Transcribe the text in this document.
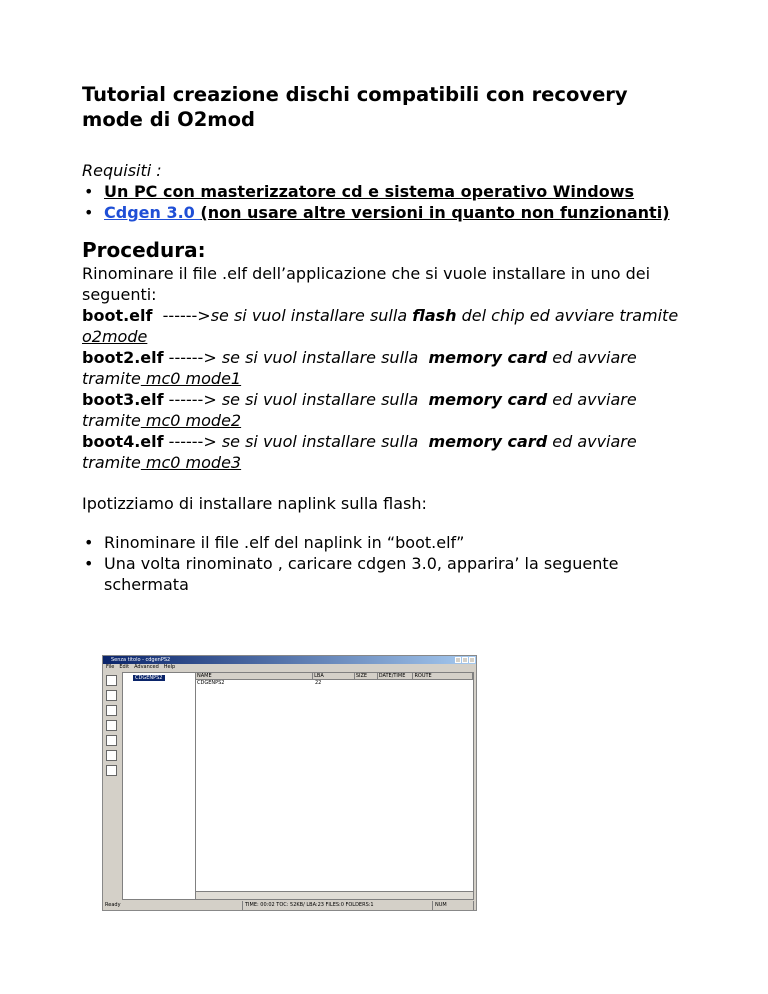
Tutorial creazione dischi compatibili con recovery mode di O2mod
Requisiti :
• Un PC con masterizzatore cd e sistema operativo Windows
• Cdgen 3.0 (non usare altre versioni in quanto non funzionanti)
Procedura:
Rinominare il file .elf dell’applicazione che si vuole installare in uno dei seguenti:
boot.elf  ------>se si vuol installare sulla flash del chip ed avviare tramite o2mode
boot2.elf ------> se si vuol installare sulla  memory card ed avviare tramite mc0 mode1
boot3.elf ------> se si vuol installare sulla  memory card ed avviare tramite mc0 mode2
boot4.elf ------> se si vuol installare sulla  memory card ed avviare tramite mc0 mode3
Ipotizziamo di installare naplink sulla flash:
• Rinominare il file .elf del naplink in “boot.elf”
• Una volta rinominato , caricare cdgen 3.0, apparira’ la seguente schermata
Senza titolo - cdgenPS2
File Edit Advanced Help
CDGENPS2	NAME	LBA	SIZE	DATE/TIME	ROUTE
CDGENPS2	22
Ready	TIME: 00:02 TOC: 52KB/ LBA:23 FILES:0 FOLDERS:1	NUM
